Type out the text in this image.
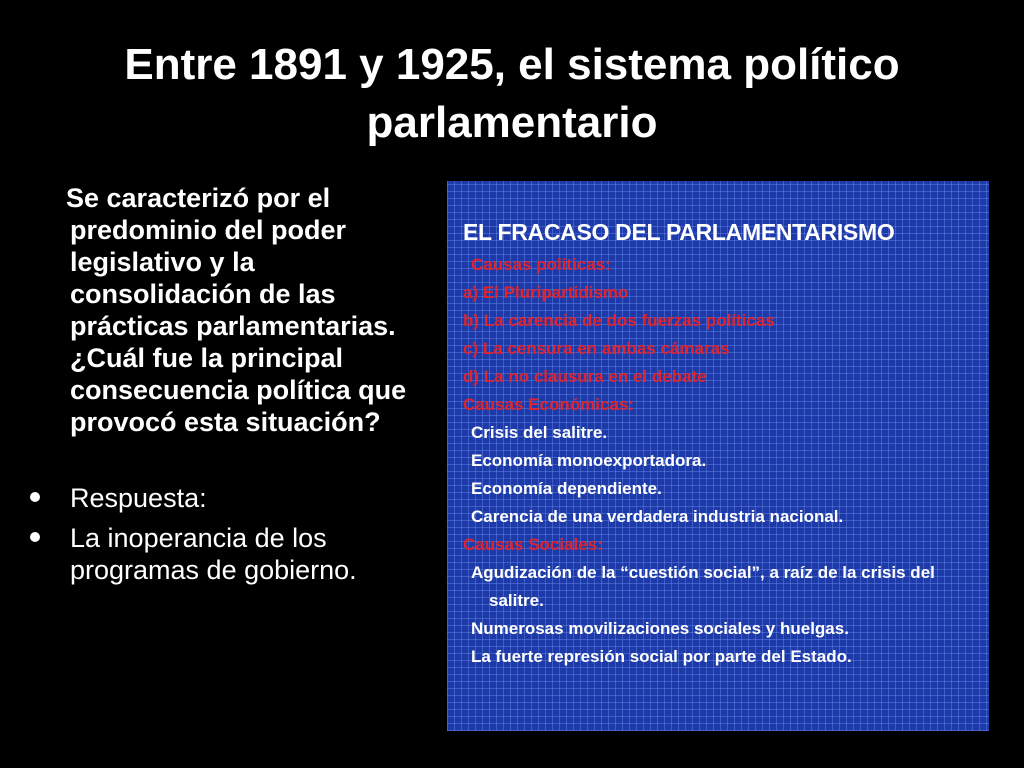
Entre 1891 y 1925, el sistema político parlamentario

Se caracterizó por el predominio del poder legislativo y la consolidación de las prácticas parlamentarias. ¿Cuál fue la principal consecuencia política que provocó esta situación?

Respuesta:
La inoperancia de los programas de gobierno.
EL FRACASO DEL PARLAMENTARISMO
Causas políticas:
a) El Pluripartidismo
b) La carencia de dos fuerzas políticas
c) La censura en ambas cámaras
d) La no clausura en el debate
Causas Económicas:
Crisis del salitre.
Economía monoexportadora.
Economía dependiente.
Carencia de una verdadera industria nacional.
Causas Sociales:
Agudización de la “cuestión social”, a raíz de la crisis del
salitre.
Numerosas movilizaciones sociales y huelgas.
La fuerte represión social por parte del Estado.
